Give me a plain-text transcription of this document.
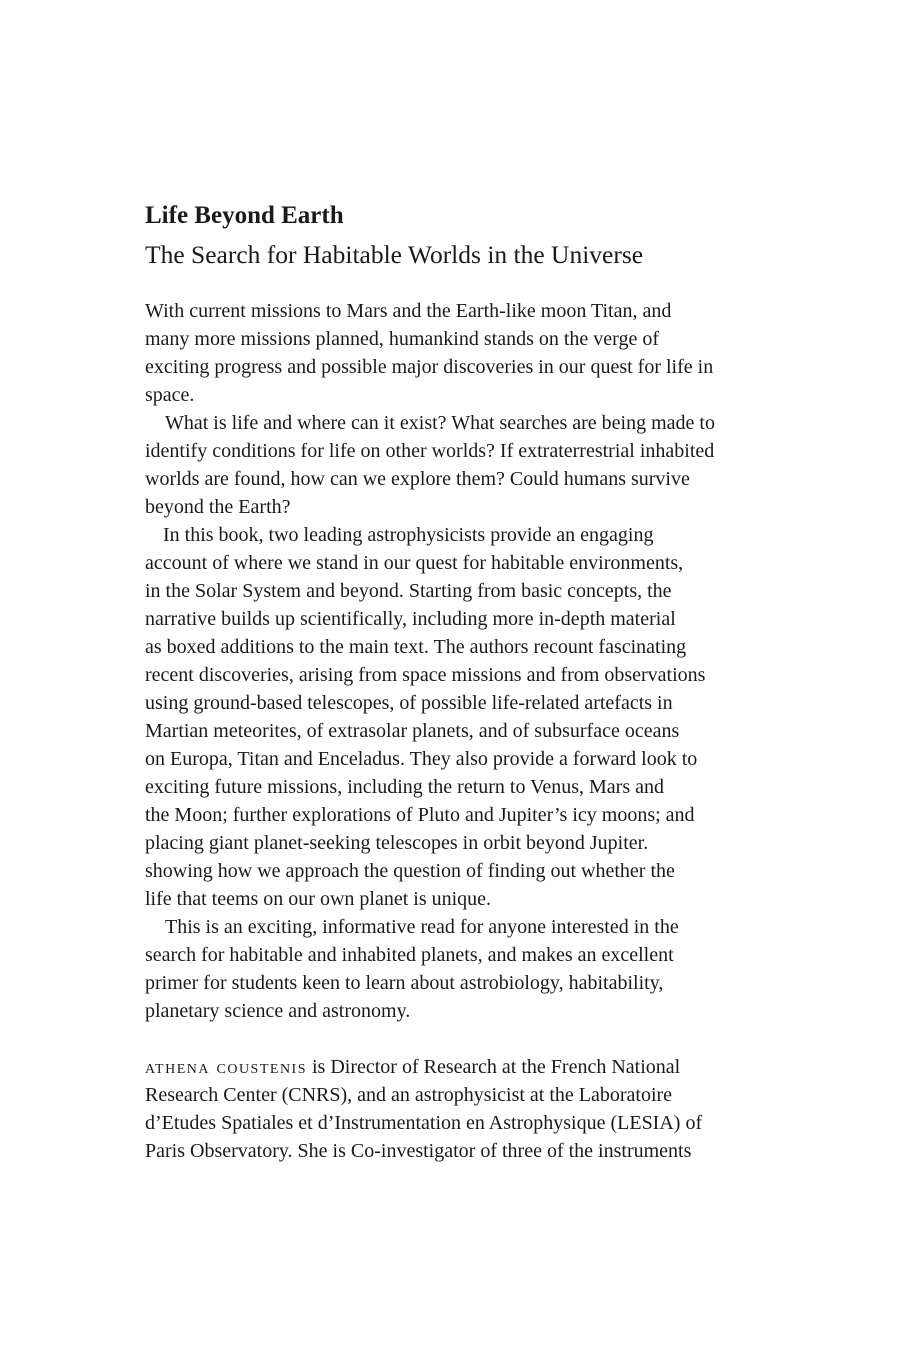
Life Beyond Earth
The Search for Habitable Worlds in the Universe
With current missions to Mars and the Earth-like moon Titan, and
many more missions planned, humankind stands on the verge of
exciting progress and possible major discoveries in our quest for life in
space.
What is life and where can it exist? What searches are being made to
identify conditions for life on other worlds? If extraterrestrial inhabited
worlds are found, how can we explore them? Could humans survive
beyond the Earth?
In this book, two leading astrophysicists provide an engaging
account of where we stand in our quest for habitable environments,
in the Solar System and beyond. Starting from basic concepts, the
narrative builds up scientifically, including more in-depth material
as boxed additions to the main text. The authors recount fascinating
recent discoveries, arising from space missions and from observations
using ground-based telescopes, of possible life-related artefacts in
Martian meteorites, of extrasolar planets, and of subsurface oceans
on Europa, Titan and Enceladus. They also provide a forward look to
exciting future missions, including the return to Venus, Mars and
the Moon; further explorations of Pluto and Jupiter’s icy moons; and
placing giant planet-seeking telescopes in orbit beyond Jupiter.
showing how we approach the question of finding out whether the
life that teems on our own planet is unique.
This is an exciting, informative read for anyone interested in the
search for habitable and inhabited planets, and makes an excellent
primer for students keen to learn about astrobiology, habitability,
planetary science and astronomy.
athena coustenis is Director of Research at the French National
Research Center (CNRS), and an astrophysicist at the Laboratoire
d’Etudes Spatiales et d’Instrumentation en Astrophysique (LESIA) of
Paris Observatory. She is Co-investigator of three of the instruments
